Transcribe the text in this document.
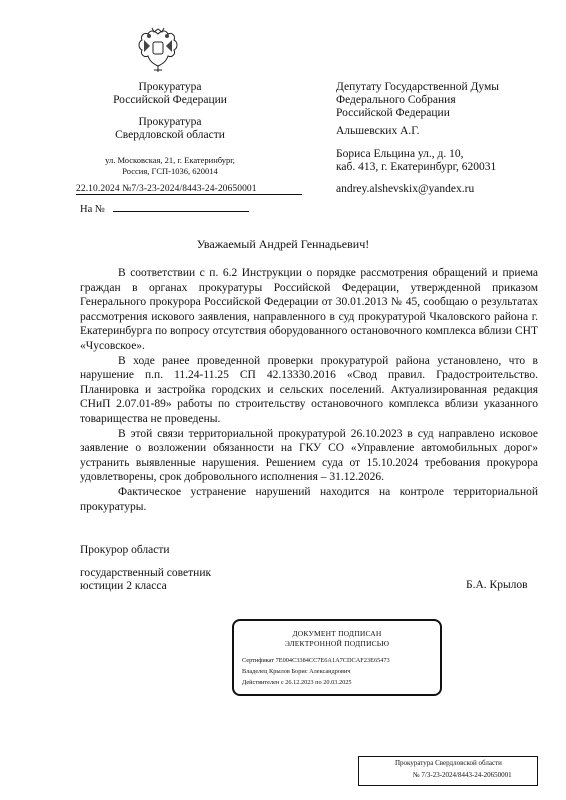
Прокуратура
Российской Федерации
Прокуратура
Свердловской области
ул. Московская, 21, г. Екатеринбург,
Россия, ГСП-1036, 620014
22.10.2024 №7/3-23-2024/8443-24-20650001
На №
Депутату Государственной Думы
Федерального Собрания
Российской Федерации
Альшевских А.Г.
Бориса Ельцина ул., д. 10,
каб. 413, г. Екатеринбург, 620031
andrey.alshevskix@yandex.ru
Уважаемый Андрей Геннадьевич!

В соответствии с п. 6.2 Инструкции о порядке рассмотрения обращений и приема граждан в органах прокуратуры Российской Федерации, утвержденной приказом Генерального прокурора Российской Федерации от 30.01.2013 № 45, сообщаю о результатах рассмотрения искового заявления, направленного в суд прокуратурой Чкаловского района г. Екатеринбурга по вопросу отсутствия оборудованного остановочного комплекса вблизи СНТ «Чусовское».

В ходе ранее проведенной проверки прокуратурой района установлено, что в нарушение п.п. 11.24-11.25 СП 42.13330.2016 «Свод правил. Градостроительство. Планировка и застройка городских и сельских поселений. Актуализированная редакция СНиП 2.07.01-89» работы по строительству остановочного комплекса вблизи указанного товарищества не проведены.

В этой связи территориальной прокуратурой 26.10.2023 в суд направлено исковое заявление о возложении обязанности на ГКУ СО «Управление автомобильных дорог» устранить выявленные нарушения. Решением суда от 15.10.2024 требования прокурора удовлетворены, срок добровольного исполнения – 31.12.2026.

Фактическое устранение нарушений находится на контроле территориальной прокуратуры.

Прокурор области
государственный советник
юстиции 2 класса	Б.А. Крылов
ДОКУМЕНТ ПОДПИСАН
ЭЛЕКТРОННОЙ ПОДПИСЬЮ
Сертификат 7E004C3384CC7E6A1A7CDCAF23E65473
Владелец Крылов Борис Александрович
Действителен с 26.12.2023 по 20.03.2025
Прокуратура Свердловской области
№ 7/3-23-2024/8443-24-20650001
